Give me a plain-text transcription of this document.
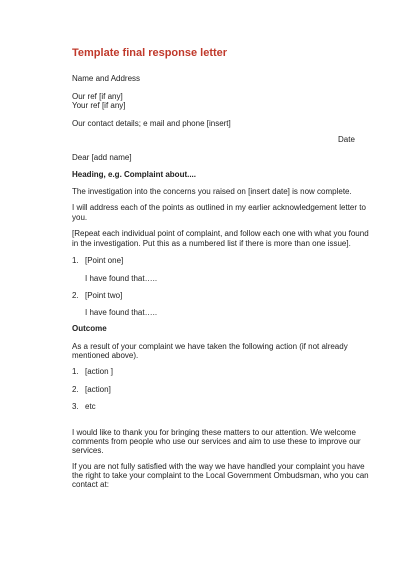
Template final response letter
Name and Address
Our ref [if any]
Your ref [if any]
Our contact details; e mail and phone [insert]
Date
Dear [add name]
Heading, e.g. Complaint about....
The investigation into the concerns you raised on [insert date] is now complete.
I will address each of the points as outlined in my earlier acknowledgement letter to
you.
[Repeat each individual point of complaint, and follow each one with what you found
in the investigation. Put this as a numbered list if there is more than one issue].
1. [Point one]
I have found that…..
2. [Point two]
I have found that…..
Outcome
As a result of your complaint we have taken the following action (if not already
mentioned above).
1. [action ]
2. [action]
3. etc
I would like to thank you for bringing these matters to our attention. We welcome
comments from people who use our services and aim to use these to improve our
services.
If you are not fully satisfied with the way we have handled your complaint you have
the right to take your complaint to the Local Government Ombudsman, who you can
contact at:
